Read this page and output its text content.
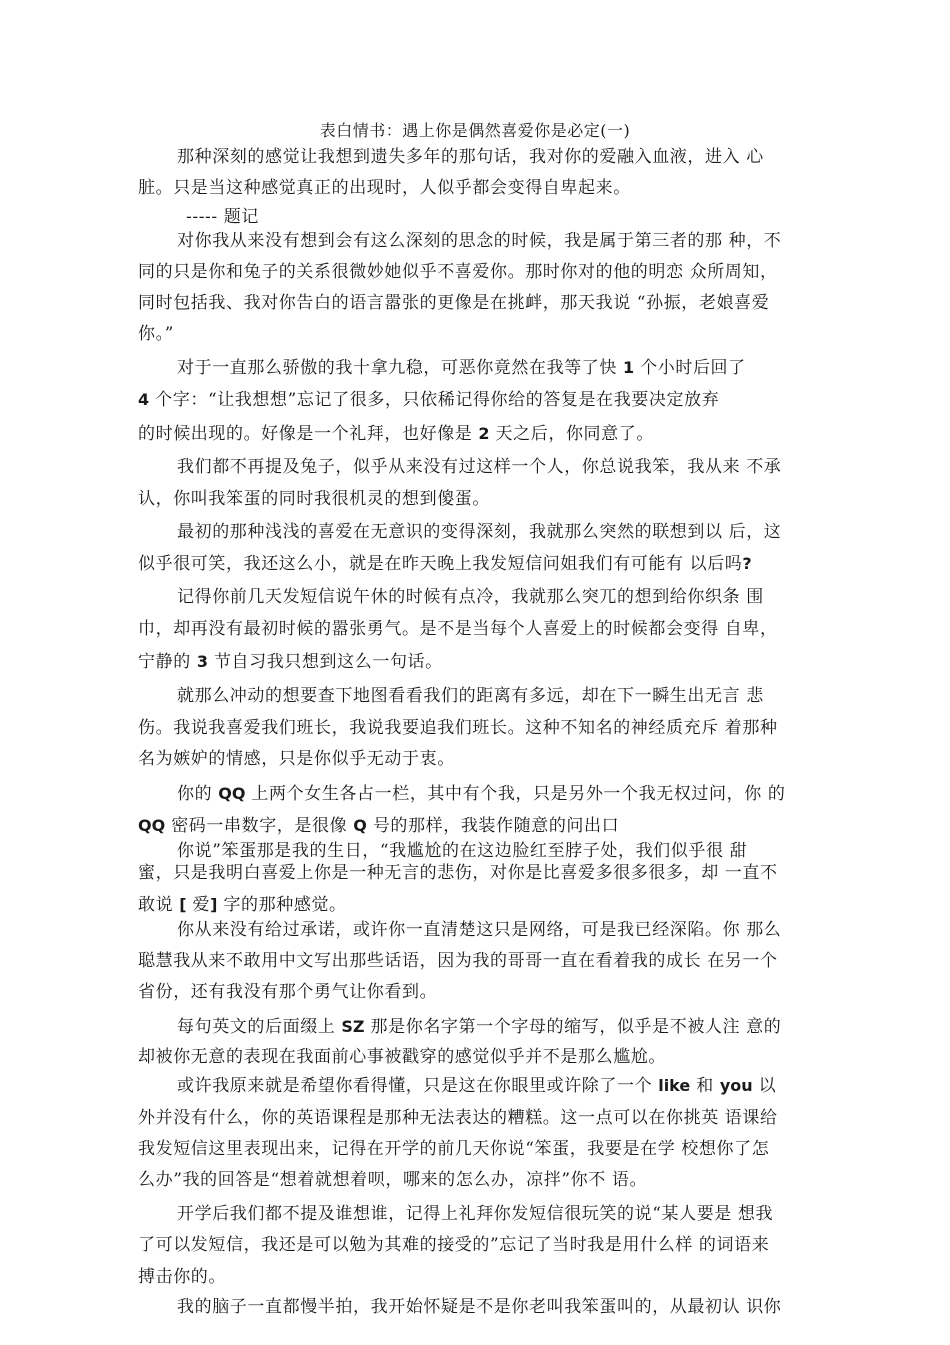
表白情书：遇上你是偶然喜爱你是必定(一)
那种深刻的感觉让我想到遗失多年的那句话，我对你的爱融入血液，进入 心
脏。只是当这种感觉真正的出现时，人似乎都会变得自卑起来。
----- 题记
对你我从来没有想到会有这么深刻的思念的时候，我是属于第三者的那 种，不
同的只是你和兔子的关系很微妙她似乎不喜爱你。那时你对的他的明恋 众所周知，
同时包括我、我对你告白的语言嚣张的更像是在挑衅，那天我说 “孙振，老娘喜爱
你。”
对于一直那么骄傲的我十拿九稳，可恶你竟然在我等了快 1 个小时后回了
4 个字：“让我想想”忘记了很多，只依稀记得你给的答复是在我要决定放弃
的时候出现的。好像是一个礼拜，也好像是 2 天之后，你同意了。
我们都不再提及兔子，似乎从来没有过这样一个人，你总说我笨，我从来 不承
认，你叫我笨蛋的同时我很机灵的想到傻蛋。
最初的那种浅浅的喜爱在无意识的变得深刻，我就那么突然的联想到以 后，这
似乎很可笑，我还这么小，就是在昨天晚上我发短信问姐我们有可能有 以后吗?
记得你前几天发短信说午休的时候有点冷，我就那么突兀的想到给你织条 围
巾，却再没有最初时候的嚣张勇气。是不是当每个人喜爱上的时候都会变得 自卑，
宁静的 3 节自习我只想到这么一句话。
就那么冲动的想要查下地图看看我们的距离有多远，却在下一瞬生出无言 悲
伤。我说我喜爱我们班长，我说我要追我们班长。这种不知名的神经质充斥 着那种
名为嫉妒的情感，只是你似乎无动于衷。
你的 QQ 上两个女生各占一栏，其中有个我，只是另外一个我无权过问，你 的
QQ 密码一串数字，是很像 Q 号的那样，我装作随意的问出口
你说”笨蛋那是我的生日，“我尴尬的在这边脸红至脖子处，我们似乎很 甜
蜜，只是我明白喜爱上你是一种无言的悲伤，对你是比喜爱多很多很多，却 一直不
敢说 [ 爱] 字的那种感觉。
你从来没有给过承诺，或许你一直清楚这只是网络，可是我已经深陷。你 那么
聪慧我从来不敢用中文写出那些话语，因为我的哥哥一直在看着我的成长 在另一个
省份，还有我没有那个勇气让你看到。
每句英文的后面缀上 SZ 那是你名字第一个字母的缩写，似乎是不被人注 意的
却被你无意的表现在我面前心事被戳穿的感觉似乎并不是那么尴尬。
或许我原来就是希望你看得懂，只是这在你眼里或许除了一个 like 和 you 以
外并没有什么，你的英语课程是那种无法表达的糟糕。这一点可以在你挑英 语课给
我发短信这里表现出来，记得在开学的前几天你说“笨蛋，我要是在学 校想你了怎
么办”我的回答是“想着就想着呗，哪来的怎么办，凉拌”你不 语。
开学后我们都不提及谁想谁，记得上礼拜你发短信很玩笑的说“某人要是 想我
了可以发短信，我还是可以勉为其难的接受的”忘记了当时我是用什么样 的词语来
搏击你的。
我的脑子一直都慢半拍，我开始怀疑是不是你老叫我笨蛋叫的，从最初认 识你
